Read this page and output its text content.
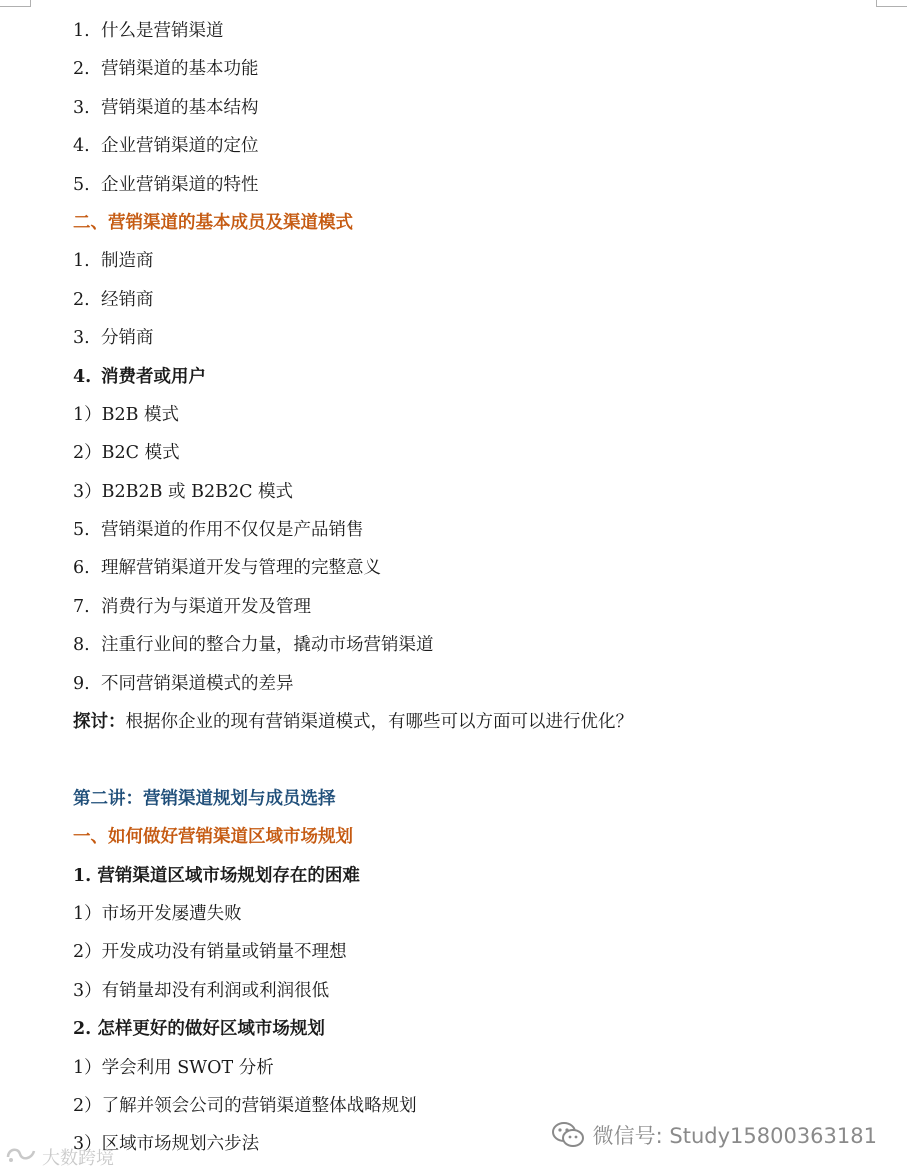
1. 什么是营销渠道
2. 营销渠道的基本功能
3. 营销渠道的基本结构
4. 企业营销渠道的定位
5. 企业营销渠道的特性
二、营销渠道的基本成员及渠道模式
1. 制造商
2. 经销商
3. 分销商
4. 消费者或用户
1）B2B 模式
2）B2C 模式
3）B2B2B 或 B2B2C 模式
5. 营销渠道的作用不仅仅是产品销售
6. 理解营销渠道开发与管理的完整意义
7. 消费行为与渠道开发及管理
8. 注重行业间的整合力量，撬动市场营销渠道
9. 不同营销渠道模式的差异
探讨：根据你企业的现有营销渠道模式，有哪些可以方面可以进行优化？
第二讲：营销渠道规划与成员选择
一、如何做好营销渠道区域市场规划
1. 营销渠道区域市场规划存在的困难
1）市场开发屡遭失败
2）开发成功没有销量或销量不理想
3）有销量却没有利润或利润很低
2. 怎样更好的做好区域市场规划
1）学会利用 SWOT 分析
2）了解并领会公司的营销渠道整体战略规划
3）区域市场规划六步法	微信号: Study15800363181
大数跨境
